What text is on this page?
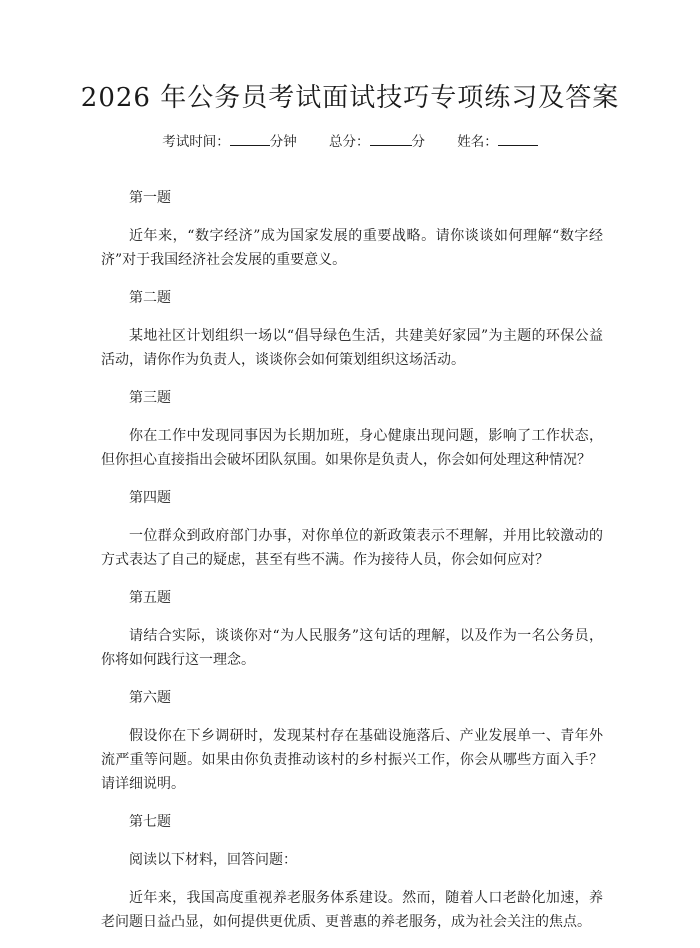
2026 年公务员考试面试技巧专项练习及答案
考试时间：	分钟 总分：	分 姓名：

第一题

近年来，“数字经济”成为国家发展的重要战略。请你谈谈如何理解“数字经济”对于我国经济社会发展的重要意义。

第二题

某地社区计划组织一场以“倡导绿色生活，共建美好家园”为主题的环保公益活动，请你作为负责人，谈谈你会如何策划组织这场活动。

第三题

你在工作中发现同事因为长期加班，身心健康出现问题，影响了工作状态，但你担心直接指出会破坏团队氛围。如果你是负责人，你会如何处理这种情况？

第四题

一位群众到政府部门办事，对你单位的新政策表示不理解，并用比较激动的方式表达了自己的疑虑，甚至有些不满。作为接待人员，你会如何应对？

第五题

请结合实际，谈谈你对“为人民服务”这句话的理解，以及作为一名公务员，你将如何践行这一理念。

第六题

假设你在下乡调研时，发现某村存在基础设施落后、产业发展单一、青年外流严重等问题。如果由你负责推动该村的乡村振兴工作，你会从哪些方面入手？请详细说明。

第七题

阅读以下材料，回答问题：

近年来，我国高度重视养老服务体系建设。然而，随着人口老龄化加速，养老问题日益凸显，如何提供更优质、更普惠的养老服务，成为社会关注的焦点。
